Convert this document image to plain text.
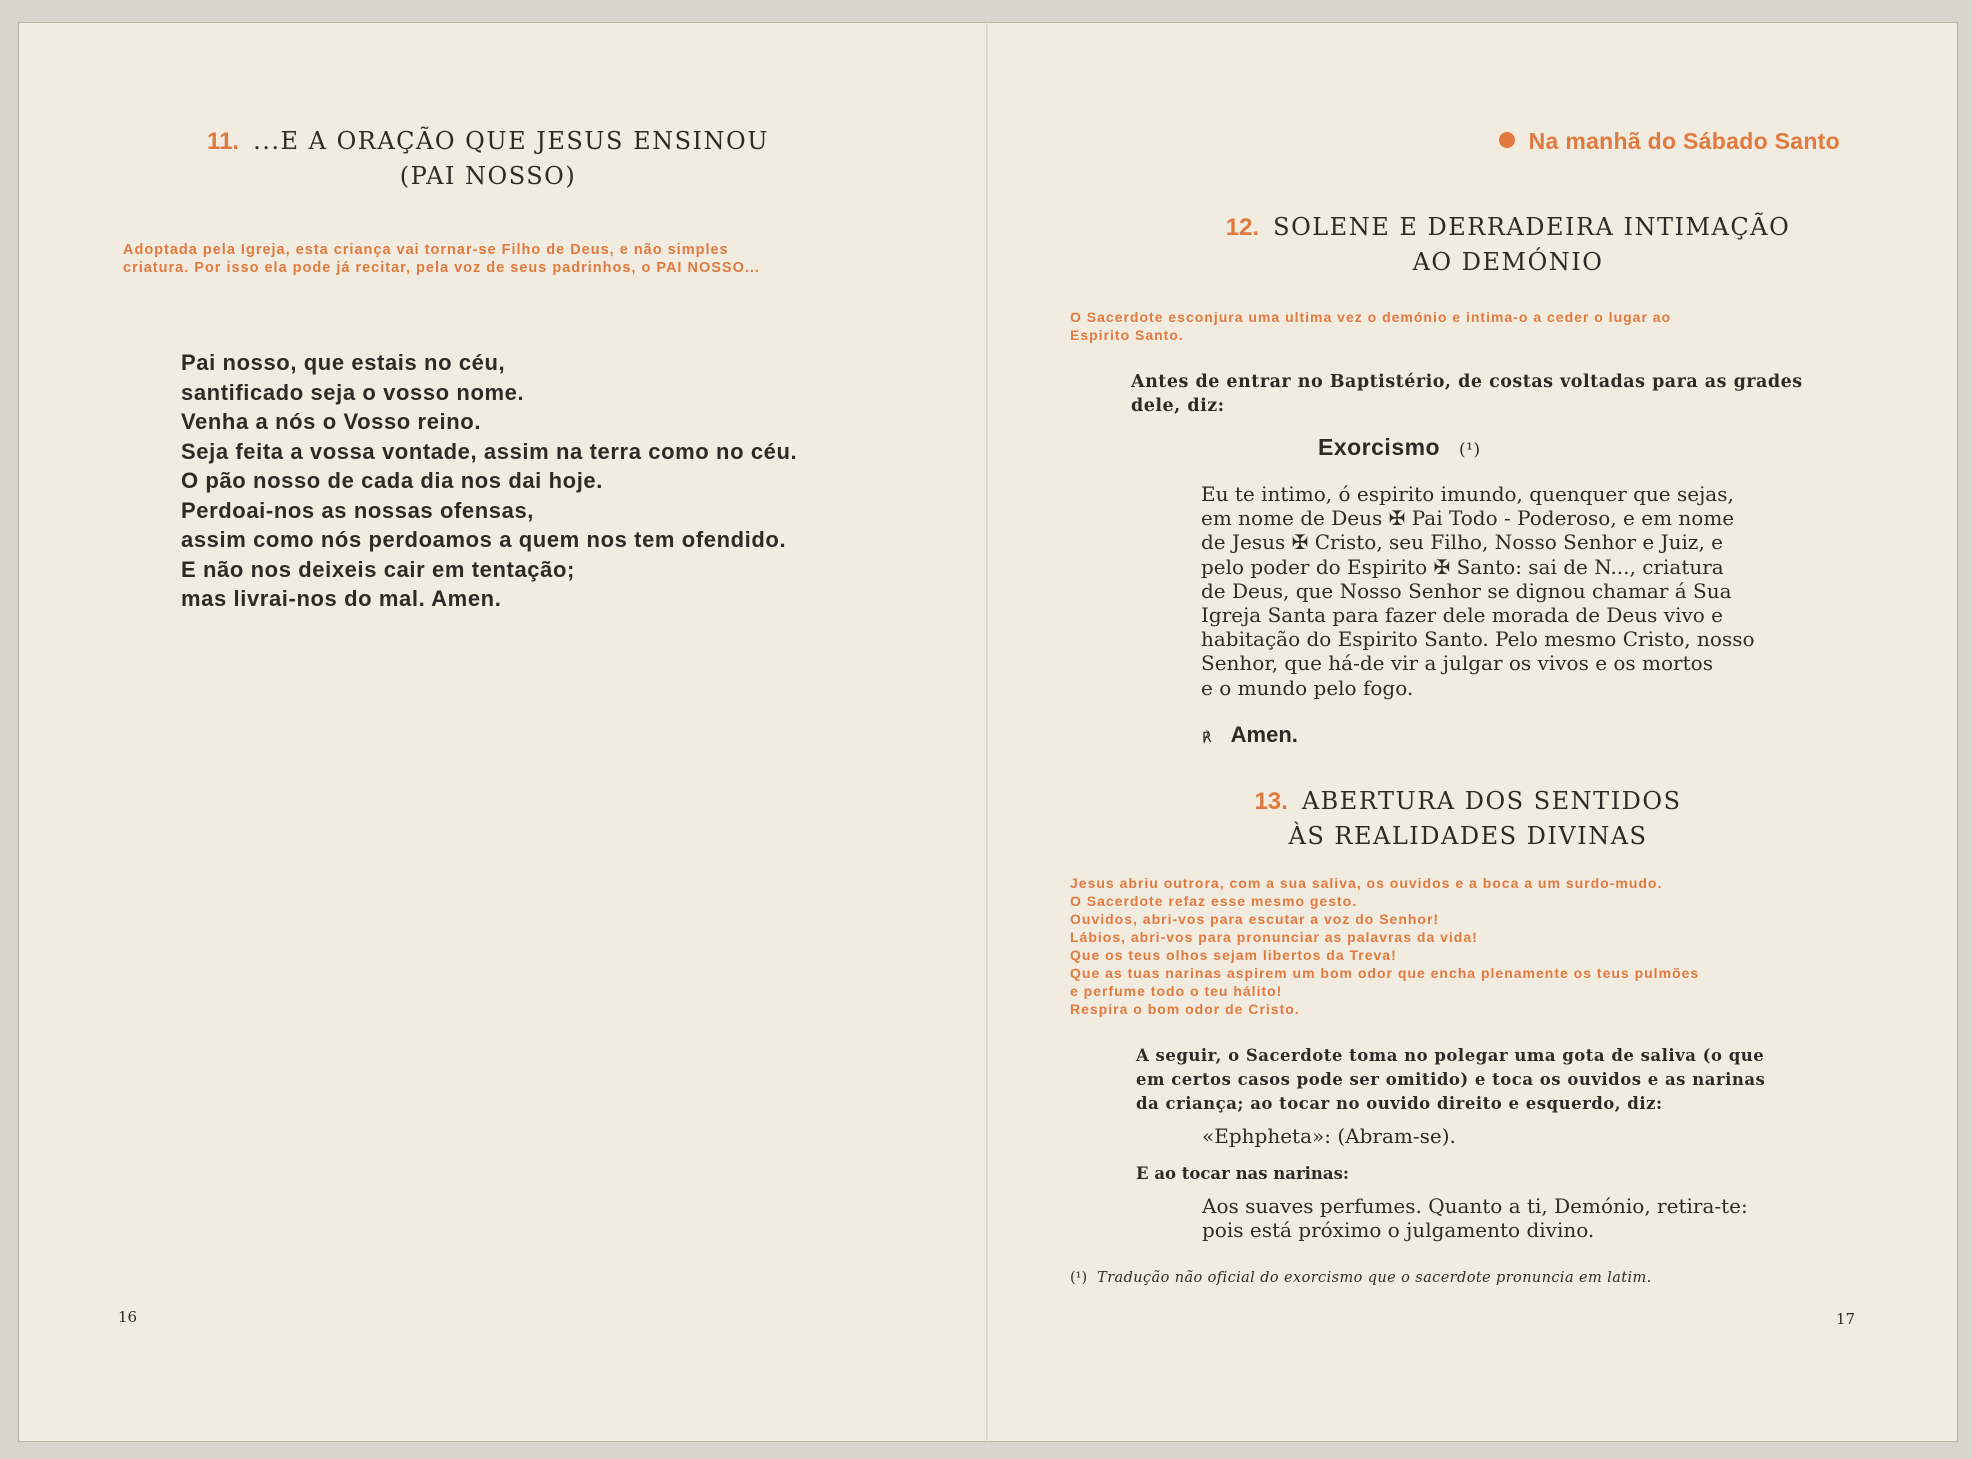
11. ...E A ORAÇÃO QUE JESUS ENSINOU
(PAI NOSSO)
Adoptada pela Igreja, esta criança vai tornar-se Filho de Deus, e não simples
criatura. Por isso ela pode já recitar, pela voz de seus padrinhos, o PAI NOSSO...
Pai nosso, que estais no céu,
santificado seja o vosso nome.
Venha a nós o Vosso reino.
Seja feita a vossa vontade, assim na terra como no céu.
O pão nosso de cada dia nos dai hoje.
Perdoai-nos as nossas ofensas,
assim como nós perdoamos a quem nos tem ofendido.
E não nos deixeis cair em tentação;
mas livrai-nos do mal. Amen.
16
Na manhã do Sábado Santo
12. SOLENE E DERRADEIRA INTIMAÇÃO
AO DEMÓNIO
O Sacerdote esconjura uma ultima vez o demónio e intima-o a ceder o lugar ao
Espirito Santo.
Antes de entrar no Baptistério, de costas voltadas para as grades
dele, diz:
Exorcismo (¹)
Eu te intimo, ó espirito imundo, quenquer que sejas,
em nome de Deus ✠ Pai Todo - Poderoso, e em nome
de Jesus ✠ Cristo, seu Filho, Nosso Senhor e Juiz, e
pelo poder do Espirito ✠ Santo: sai de N..., criatura
de Deus, que Nosso Senhor se dignou chamar á Sua
Igreja Santa para fazer dele morada de Deus vivo e
habitação do Espirito Santo. Pelo mesmo Cristo, nosso
Senhor, que há-de vir a julgar os vivos e os mortos
e o mundo pelo fogo.
℟ Amen.
13. ABERTURA DOS SENTIDOS
ÀS REALIDADES DIVINAS
Jesus abriu outrora, com a sua saliva, os ouvidos e a boca a um surdo-mudo.
O Sacerdote refaz esse mesmo gesto.
Ouvidos, abri-vos para escutar a voz do Senhor!
Lábios, abri-vos para pronunciar as palavras da vida!
Que os teus olhos sejam libertos da Treva!
Que as tuas narinas aspirem um bom odor que encha plenamente os teus pulmões
e perfume todo o teu hálito!
Respira o bom odor de Cristo.
A seguir, o Sacerdote toma no polegar uma gota de saliva (o que
em certos casos pode ser omitido) e toca os ouvidos e as narinas
da criança; ao tocar no ouvido direito e esquerdo, diz:
«Ephpheta»: (Abram-se).
E ao tocar nas narinas:
Aos suaves perfumes. Quanto a ti, Demónio, retira-te:
pois está próximo o julgamento divino.
(¹) Tradução não oficial do exorcismo que o sacerdote pronuncia em latim.
17
